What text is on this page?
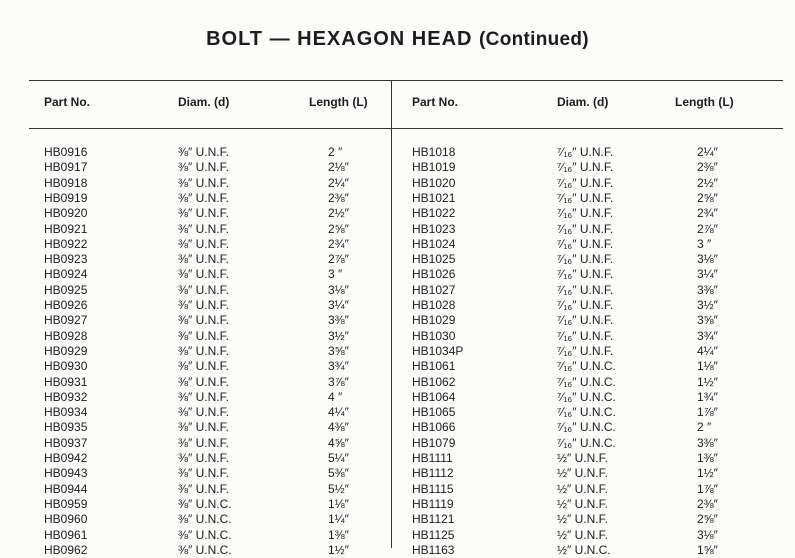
BOLT — HEXAGON HEAD (Continued)
Part No.	Diam. (d)	Length (L)	Part No.	Diam. (d)	Length (L)
HB0916	⅜″ U.N.F.	2 ″
HB0917	⅜″ U.N.F.	2⅛″
HB0918	⅜″ U.N.F.	2¼″
HB0919	⅜″ U.N.F.	2⅜″
HB0920	⅜″ U.N.F.	2½″
HB0921	⅜″ U.N.F.	2⅝″
HB0922	⅜″ U.N.F.	2¾″
HB0923	⅜″ U.N.F.	2⅞″
HB0924	⅜″ U.N.F.	3 ″
HB0925	⅜″ U.N.F.	3⅛″
HB0926	⅜″ U.N.F.	3¼″
HB0927	⅜″ U.N.F.	3⅜″
HB0928	⅜″ U.N.F.	3½″
HB0929	⅜″ U.N.F.	3⅝″
HB0930	⅜″ U.N.F.	3¾″
HB0931	⅜″ U.N.F.	3⅞″
HB0932	⅜″ U.N.F.	4 ″
HB0934	⅜″ U.N.F.	4¼″
HB0935	⅜″ U.N.F.	4⅜″
HB0937	⅜″ U.N.F.	4⅝″
HB0942	⅜″ U.N.F.	5¼″
HB0943	⅜″ U.N.F.	5⅜″
HB0944	⅜″ U.N.F.	5½″
HB0959	⅜″ U.N.C.	1⅛″
HB0960	⅜″ U.N.C.	1¼″
HB0961	⅜″ U.N.C.	1⅜″
HB0962	⅜″ U.N.C.	1½″
HB1018	⁷⁄₁₆″ U.N.F.	2¼″
HB1019	⁷⁄₁₆″ U.N.F.	2⅜″
HB1020	⁷⁄₁₆″ U.N.F.	2½″
HB1021	⁷⁄₁₆″ U.N.F.	2⅝″
HB1022	⁷⁄₁₆″ U.N.F.	2¾″
HB1023	⁷⁄₁₆″ U.N.F.	2⅞″
HB1024	⁷⁄₁₆″ U.N.F.	3 ″
HB1025	⁷⁄₁₆″ U.N.F.	3⅛″
HB1026	⁷⁄₁₆″ U.N.F.	3¼″
HB1027	⁷⁄₁₆″ U.N.F.	3⅜″
HB1028	⁷⁄₁₆″ U.N.F.	3½″
HB1029	⁷⁄₁₆″ U.N.F.	3⅝″
HB1030	⁷⁄₁₆″ U.N.F.	3¾″
HB1034P	⁷⁄₁₆″ U.N.F.	4¼″
HB1061	⁷⁄₁₆″ U.N.C.	1⅛″
HB1062	⁷⁄₁₆″ U.N.C.	1½″
HB1064	⁷⁄₁₆″ U.N.C.	1¾″
HB1065	⁷⁄₁₆″ U.N.C.	1⅞″
HB1066	⁷⁄₁₆″ U.N.C.	2 ″
HB1079	⁷⁄₁₆″ U.N.C.	3⅜″
HB1111	½″ U.N.F.	1⅜″
HB1112	½″ U.N.F.	1½″
HB1115	½″ U.N.F.	1⅞″
HB1119	½″ U.N.F.	2⅜″
HB1121	½″ U.N.F.	2⅝″
HB1125	½″ U.N.F.	3⅛″
HB1163	½″ U.N.C.	1⅝″
